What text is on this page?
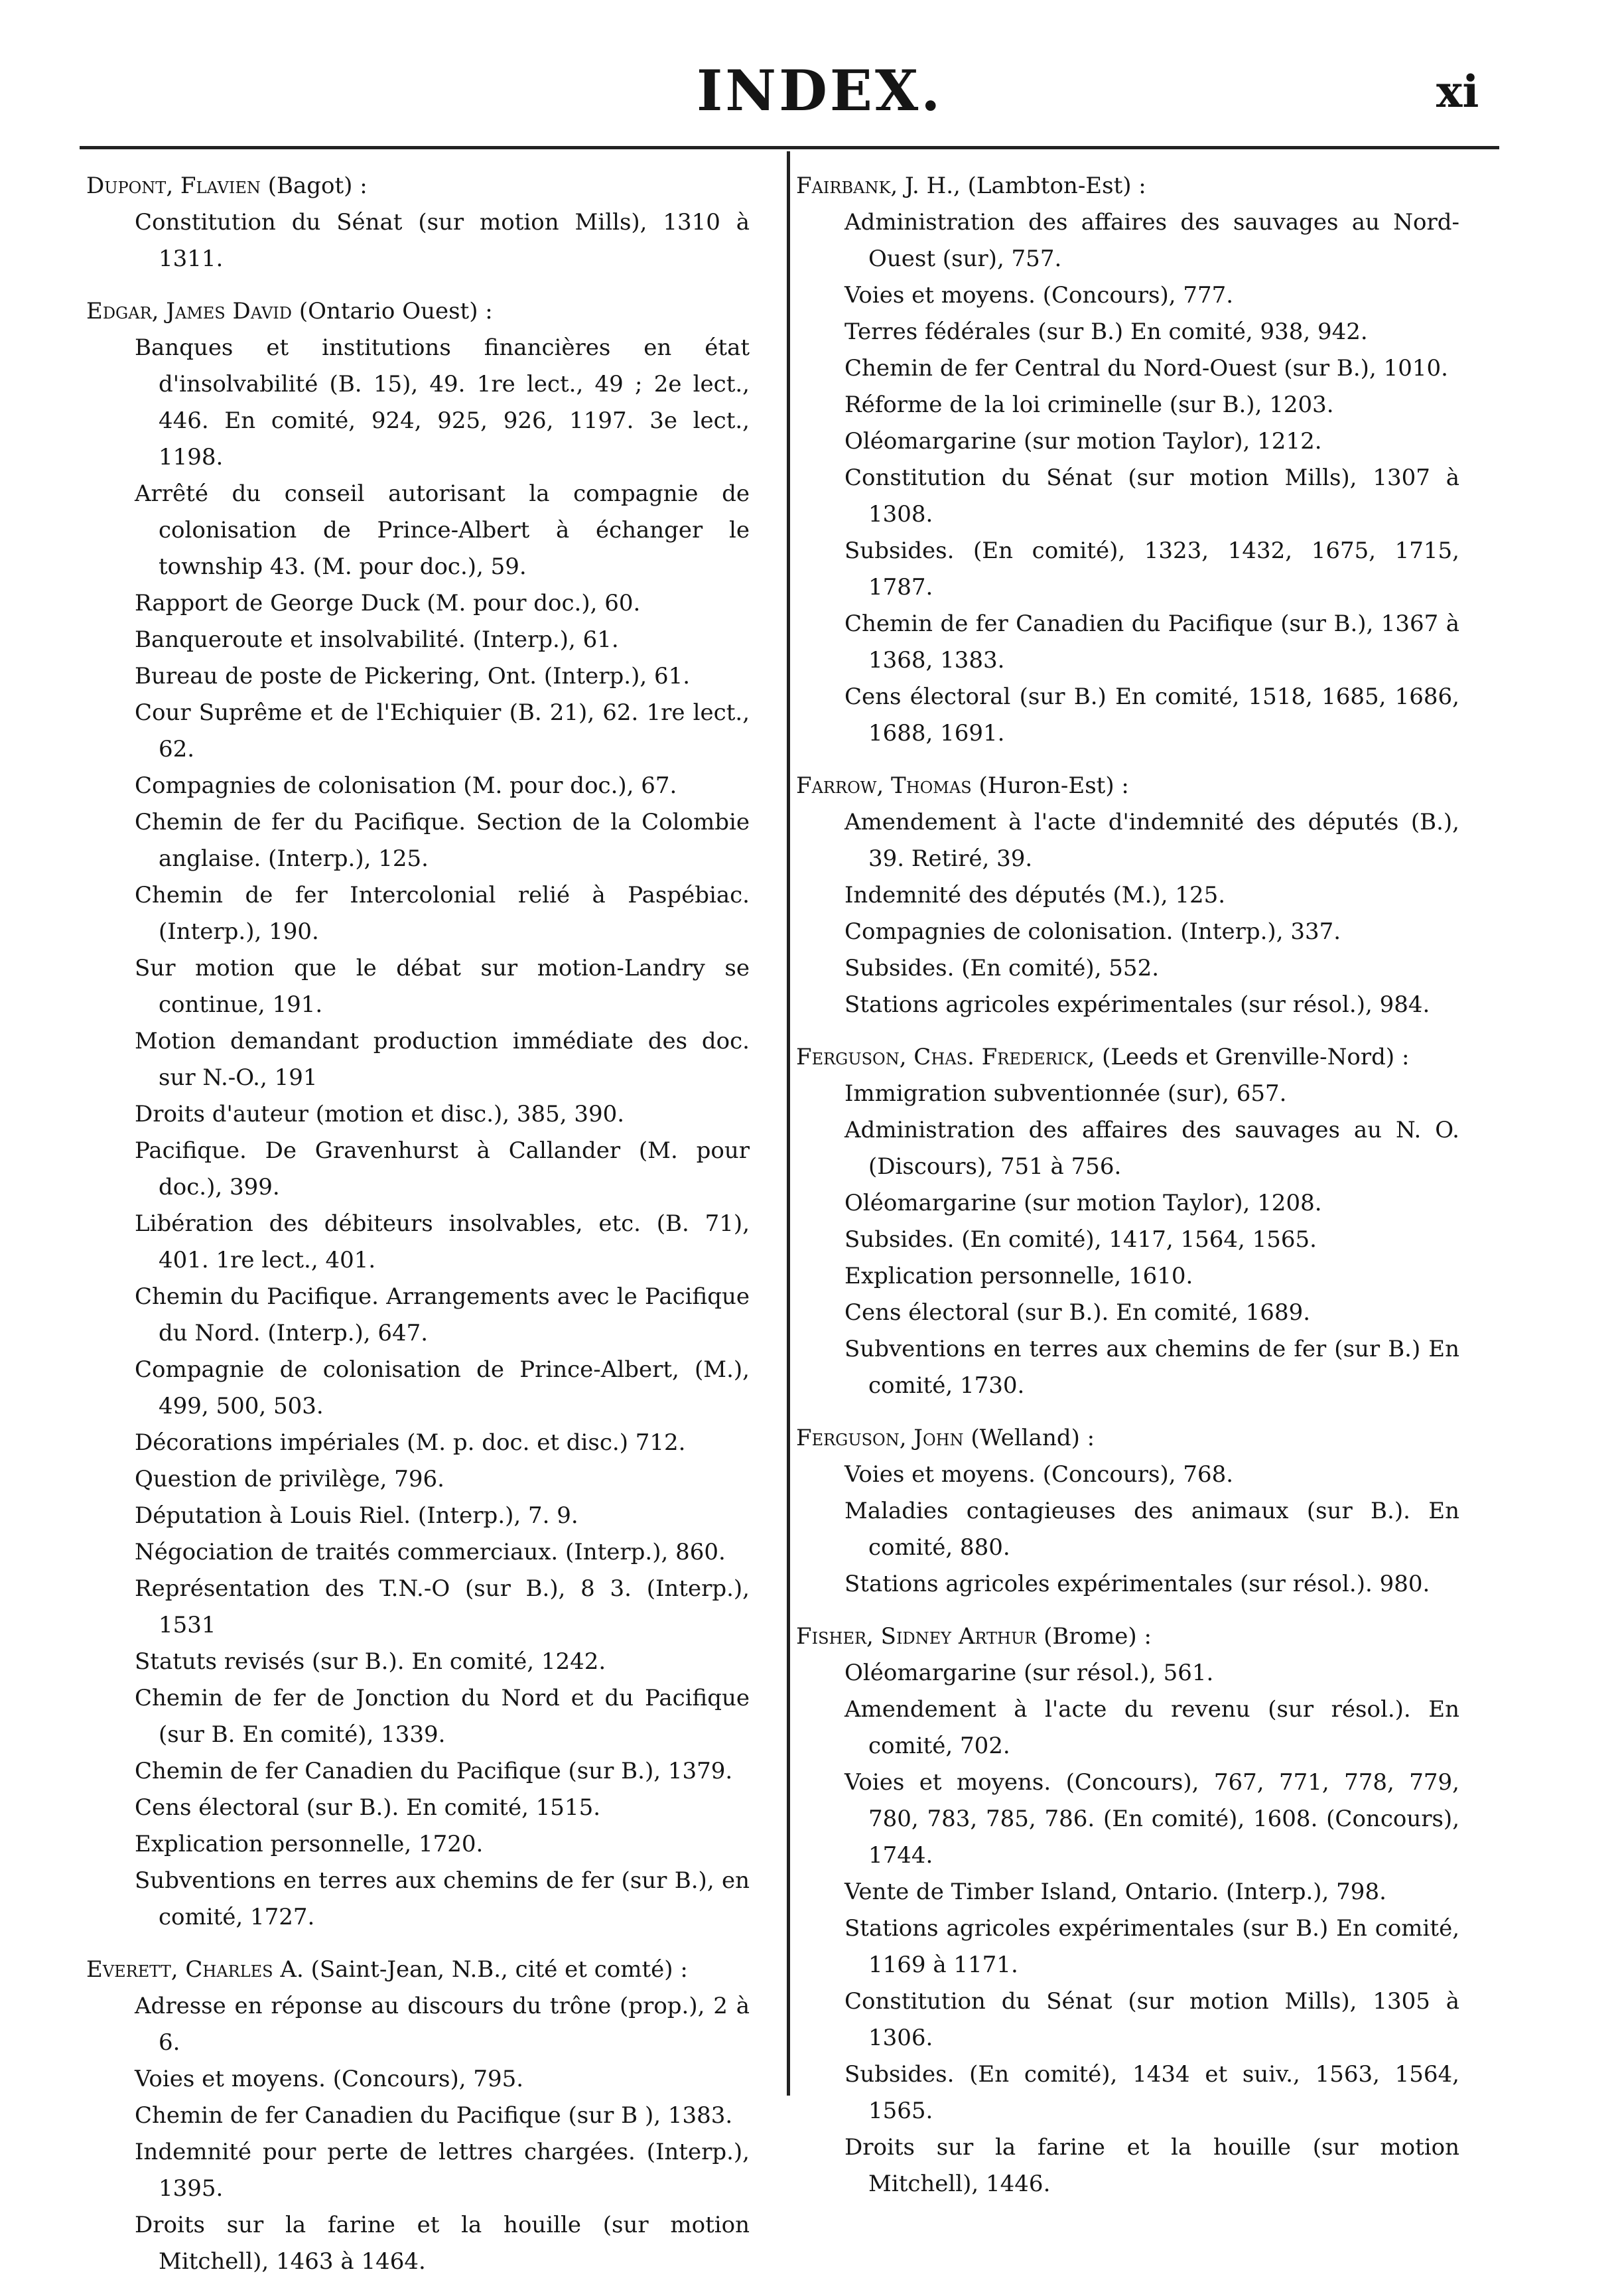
INDEX.	xi
Dupont, Flavien (Bagot) :
Constitution du Sénat (sur motion Mills), 1310 à 1311.
Edgar, James David (Ontario Ouest) :
Banques et institutions financières en état d'insolvabilité (B. 15), 49. 1re lect., 49 ; 2e lect., 446. En comité, 924, 925, 926, 1197. 3e lect., 1198.
Arrêté du conseil autorisant la compagnie de colonisation de Prince-Albert à échanger le township 43. (M. pour doc.), 59.
Rapport de George Duck (M. pour doc.), 60.
Banqueroute et insolvabilité. (Interp.), 61.
Bureau de poste de Pickering, Ont. (Interp.), 61.
Cour Suprême et de l'Echiquier (B. 21), 62. 1re lect., 62.
Compagnies de colonisation (M. pour doc.), 67.
Chemin de fer du Pacifique. Section de la Colombie anglaise. (Interp.), 125.
Chemin de fer Intercolonial relié à Paspébiac. (Interp.), 190.
Sur motion que le débat sur motion-Landry se continue, 191.
Motion demandant production immédiate des doc. sur N.-O., 191
Droits d'auteur (motion et disc.), 385, 390.
Pacifique. De Gravenhurst à Callander (M. pour doc.), 399.
Libération des débiteurs insolvables, etc. (B. 71), 401. 1re lect., 401.
Chemin du Pacifique. Arrangements avec le Pacifique du Nord. (Interp.), 647.
Compagnie de colonisation de Prince-Albert, (M.), 499, 500, 503.
Décorations impériales (M. p. doc. et disc.) 712.
Question de privilège, 796.
Députation à Louis Riel. (Interp.), 7. 9.
Négociation de traités commerciaux. (Interp.), 860.
Représentation des T.N.-O (sur B.), 8 3. (Interp.), 1531
Statuts revisés (sur B.). En comité, 1242.
Chemin de fer de Jonction du Nord et du Pacifique (sur B. En comité), 1339.
Chemin de fer Canadien du Pacifique (sur B.), 1379.
Cens électoral (sur B.). En comité, 1515.
Explication personnelle, 1720.
Subventions en terres aux chemins de fer (sur B.), en comité, 1727.
Everett, Charles A. (Saint-Jean, N.B., cité et comté) :
Adresse en réponse au discours du trône (prop.), 2 à 6.
Voies et moyens. (Concours), 795.
Chemin de fer Canadien du Pacifique (sur B ), 1383.
Indemnité pour perte de lettres chargées. (Interp.), 1395.
Droits sur la farine et la houille (sur motion Mitchell), 1463 à 1464.
Fairbank, J. H., (Lambton-Est) :
Administration des affaires des sauvages au Nord-Ouest (sur), 757.
Voies et moyens. (Concours), 777.
Terres fédérales (sur B.) En comité, 938, 942.
Chemin de fer Central du Nord-Ouest (sur B.), 1010.
Réforme de la loi criminelle (sur B.), 1203.
Oléomargarine (sur motion Taylor), 1212.
Constitution du Sénat (sur motion Mills), 1307 à 1308.
Subsides. (En comité), 1323, 1432, 1675, 1715, 1787.
Chemin de fer Canadien du Pacifique (sur B.), 1367 à 1368, 1383.
Cens électoral (sur B.) En comité, 1518, 1685, 1686, 1688, 1691.
Farrow, Thomas (Huron-Est) :
Amendement à l'acte d'indemnité des députés (B.), 39. Retiré, 39.
Indemnité des députés (M.), 125.
Compagnies de colonisation. (Interp.), 337.
Subsides. (En comité), 552.
Stations agricoles expérimentales (sur résol.), 984.
Ferguson, Chas. Frederick, (Leeds et Grenville-Nord) :
Immigration subventionnée (sur), 657.
Administration des affaires des sauvages au N. O. (Discours), 751 à 756.
Oléomargarine (sur motion Taylor), 1208.
Subsides. (En comité), 1417, 1564, 1565.
Explication personnelle, 1610.
Cens électoral (sur B.). En comité, 1689.
Subventions en terres aux chemins de fer (sur B.) En comité, 1730.
Ferguson, John (Welland) :
Voies et moyens. (Concours), 768.
Maladies contagieuses des animaux (sur B.). En comité, 880.
Stations agricoles expérimentales (sur résol.). 980.
Fisher, Sidney Arthur (Brome) :
Oléomargarine (sur résol.), 561.
Amendement à l'acte du revenu (sur résol.). En comité, 702.
Voies et moyens. (Concours), 767, 771, 778, 779, 780, 783, 785, 786. (En comité), 1608. (Concours), 1744.
Vente de Timber Island, Ontario. (Interp.), 798.
Stations agricoles expérimentales (sur B.) En comité, 1169 à 1171.
Constitution du Sénat (sur motion Mills), 1305 à 1306.
Subsides. (En comité), 1434 et suiv., 1563, 1564, 1565.
Droits sur la farine et la houille (sur motion Mitchell), 1446.
